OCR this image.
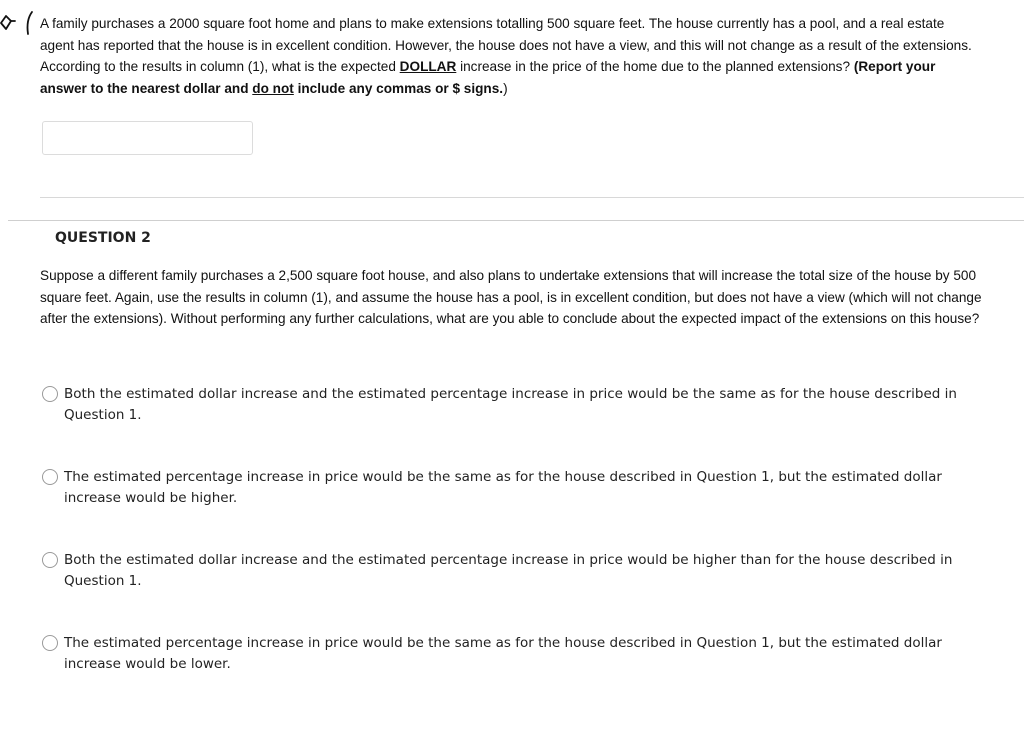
A family purchases a 2000 square foot home and plans to make extensions totalling 500 square feet. The house currently has a pool, and a real estate agent has reported that the house is in excellent condition. However, the house does not have a view, and this will not change as a result of the extensions.

According to the results in column (1), what is the expected DOLLAR increase in the price of the home due to the planned extensions? (Report your answer to the nearest dollar and do not include any commas or $ signs.)

QUESTION 2

Suppose a different family purchases a 2,500 square foot house, and also plans to undertake extensions that will increase the total size of the house by 500 square feet. Again, use the results in column (1), and assume the house has a pool, is in excellent condition, but does not have a view (which will not change after the extensions). Without performing any further calculations, what are you able to conclude about the expected impact of the extensions on this house?

Both the estimated dollar increase and the estimated percentage increase in price would be the same as for the house described in Question 1.
The estimated percentage increase in price would be the same as for the house described in Question 1, but the estimated dollar increase would be higher.
Both the estimated dollar increase and the estimated percentage increase in price would be higher than for the house described in Question 1.
The estimated percentage increase in price would be the same as for the house described in Question 1, but the estimated dollar increase would be lower.
